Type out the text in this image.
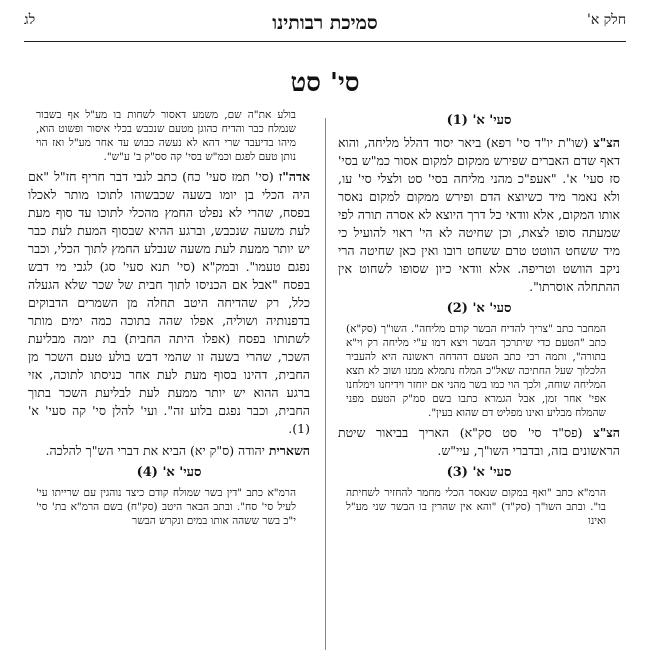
חלק א'
סמיכת רבותינו
לג
סי' סט
סעי' א' (1)

הצ"צ (שו"ת יו"ד סי' רפא) ביאר יסוד דהלל מליחה, והוא דאף שדם האברים שפירש ממקום למקום אסור כמ"ש בסי' סז סעי' א'. "אעפ"כ מהני מליחה בסי' סט ולצלי סי' עו, ולא נאמר מיד כשיוצא הדם ופירש ממקום למקום נאסר אותו המקום, אלא וודאי כל דרך היוצא לא אסרה תורה לפי שמעתה סופו לצאת, וכן שחיטה לא הי' ראוי להועיל כי מיד ששחט הווטט טרם ששחט רובו ואין כאן שחיטה הרי ניקב הוושט וטריפה. אלא וודאי כיון שסופו לשחוט אין ההתחלה אוסרתו".

סעי' א' (2)

המחבר כתב "צריך להדיח הבשר קודם מליחה". השו"ך (סק"א) כתב "הטעם כדי שיתרכך הבשר ויצא דמו ע"י מליחה רק וי"א בתורה", ותמה רבי כתב הטעם דהדחה ראשונה היא להעביר הלכלוך שעל החתיכה שאל"כ המלח נתמלא ממנו ושוב לא תצא המליחה שוחה, ולכך הוי כמו בשר מהני אם יוחזר וידיחנו וימלחנו אפי' אחר זמן, אבל הגמרא כתבו בשם סמ"ק הטעם מפני שהמלח מבליע ואינו מפליט דם שהוא בעין".

הצ"צ (פס"ד סי' סט סק"א) האריך בביאור שיטת הראשונים בזה, ובדברי השו"ך, עיי"ש.

סעי' א' (3)

הרמ"א כתב "ואף במקום שנאסר הכלי מחמר להחזיר לשחיתה בו". ובתב השו"ך (סק"ד) "והא אין שהרין בו הבשר שני מע"ל ואינו

בולע את"ה שם, משמע דאסור לשחות בו מע"ל אף בשבור שנמלח כבר והדיח כהוגן מטעם שנכבש בכלי איסור ופשוט הוא, מיהו בדיעבד שרי דהא לא נעשה כבוש עד אחר מע"ל ואז הוי נותן טעם לפגם וכמ"ש בסי' קה סס"ק ב' ע"ש".

אדה"ז (סי' תמז סעי' כח) כתב לגבי דבר חריף חז"ל "אם היה הכלי בן יומו בשעה שכבשוהו לתוכו מותר לאכלו בפסח, שהרי לא נפלט החמץ מהכלי לתוכו עד סוף מעת לעת משעה שנכבש, וברגע ההיא שבסוף המעת לעת כבר יש יותר ממעת לעת משעה שנבלע החמץ לתוך הכלי, וכבר נפגם טעמו". ובמק"א (סי' תנא סעי' סג) לגבי מי דבש בפסח "אבל אם הכניסו לתוך חבית של שכר שלא הגעלה כלל, רק שהדיחה היטב תחלה מן השמרים הדבוקים בדפנותיה ושוליה, אפלו שהה בתוכה כמה ימים מותר לשתותו בפסח (אפלו היתה החבית) בת יומה מבליעת השכר, שהרי בשעה זו שהמי דבש בולע טעם השכר מן החבית, דהינו בסוף מעת לעת אחר כניסתו לתוכה, אזי ברגע ההוא יש יותר ממעת לעת לבליעת השכר בתוך החבית, וכבר נפגם בלוע זה". ועי' להלן סי' קה סעי' א' (1).

השארית יהודה (ס"ק יא) הביא את דברי הש"ך להלכה.

סעי' א' (4)

הרמ"א כתב "דין בשר שמולח קודם כיצד נוהגין עם שרייתו עי' לעיל סי' סח". ובתב הבאר היטב (סק"ח) בשם הרמ"א בת' סי' י"ב בשר ששהה אותו במים ונקרש הבשר
